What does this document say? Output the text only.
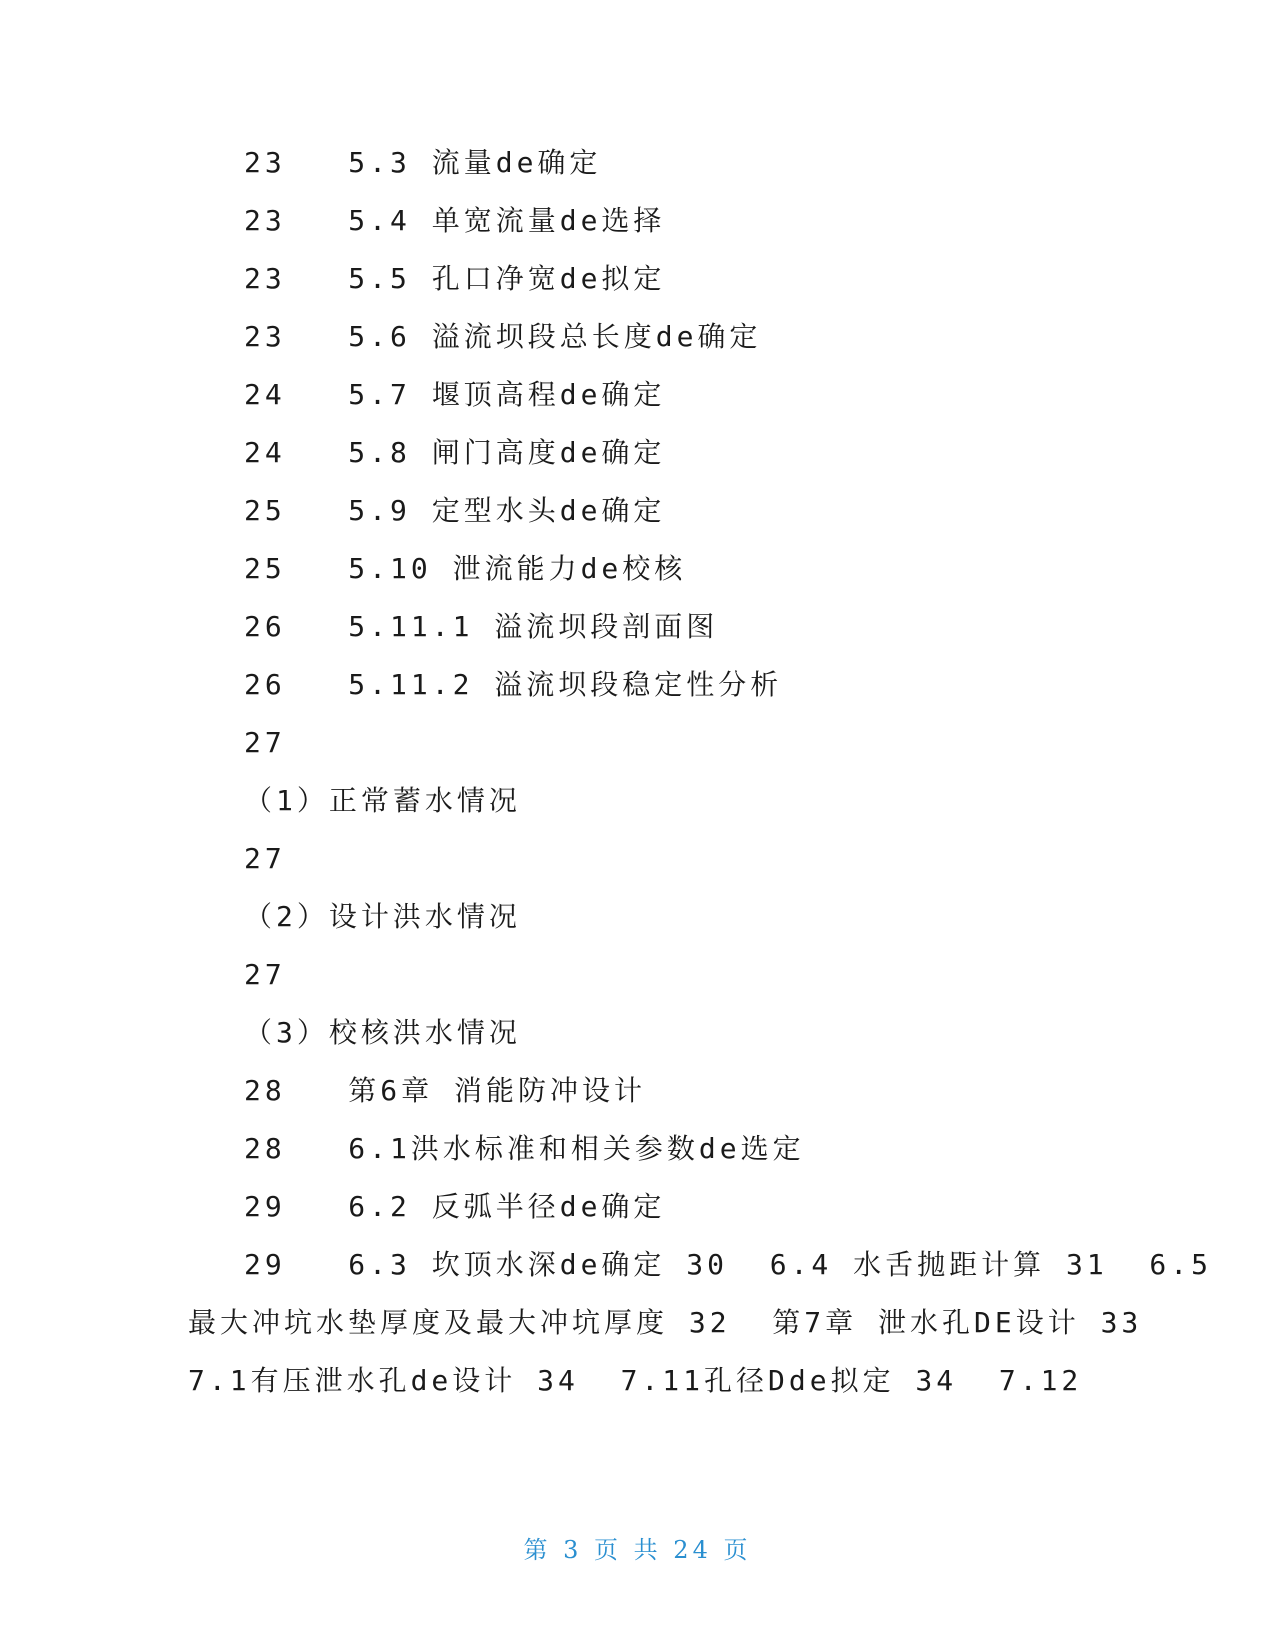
23   5.3 流量de确定
23   5.4 单宽流量de选择
23   5.5 孔口净宽de拟定
23   5.6 溢流坝段总长度de确定
24   5.7 堰顶高程de确定
24   5.8 闸门高度de确定
25   5.9 定型水头de确定
25   5.10 泄流能力de校核
26   5.11.1 溢流坝段剖面图
26   5.11.2 溢流坝段稳定性分析
27
（1）正常蓄水情况
27
（2）设计洪水情况
27
（3）校核洪水情况
28   第6章 消能防冲设计
28   6.1洪水标准和相关参数de选定
29   6.2 反弧半径de确定
29   6.3 坎顶水深de确定 30  6.4 水舌抛距计算 31  6.5
最大冲坑水垫厚度及最大冲坑厚度 32  第7章 泄水孔DE设计 33
7.1有压泄水孔de设计 34  7.11孔径Dde拟定 34  7.12
第 3 页 共 24 页
